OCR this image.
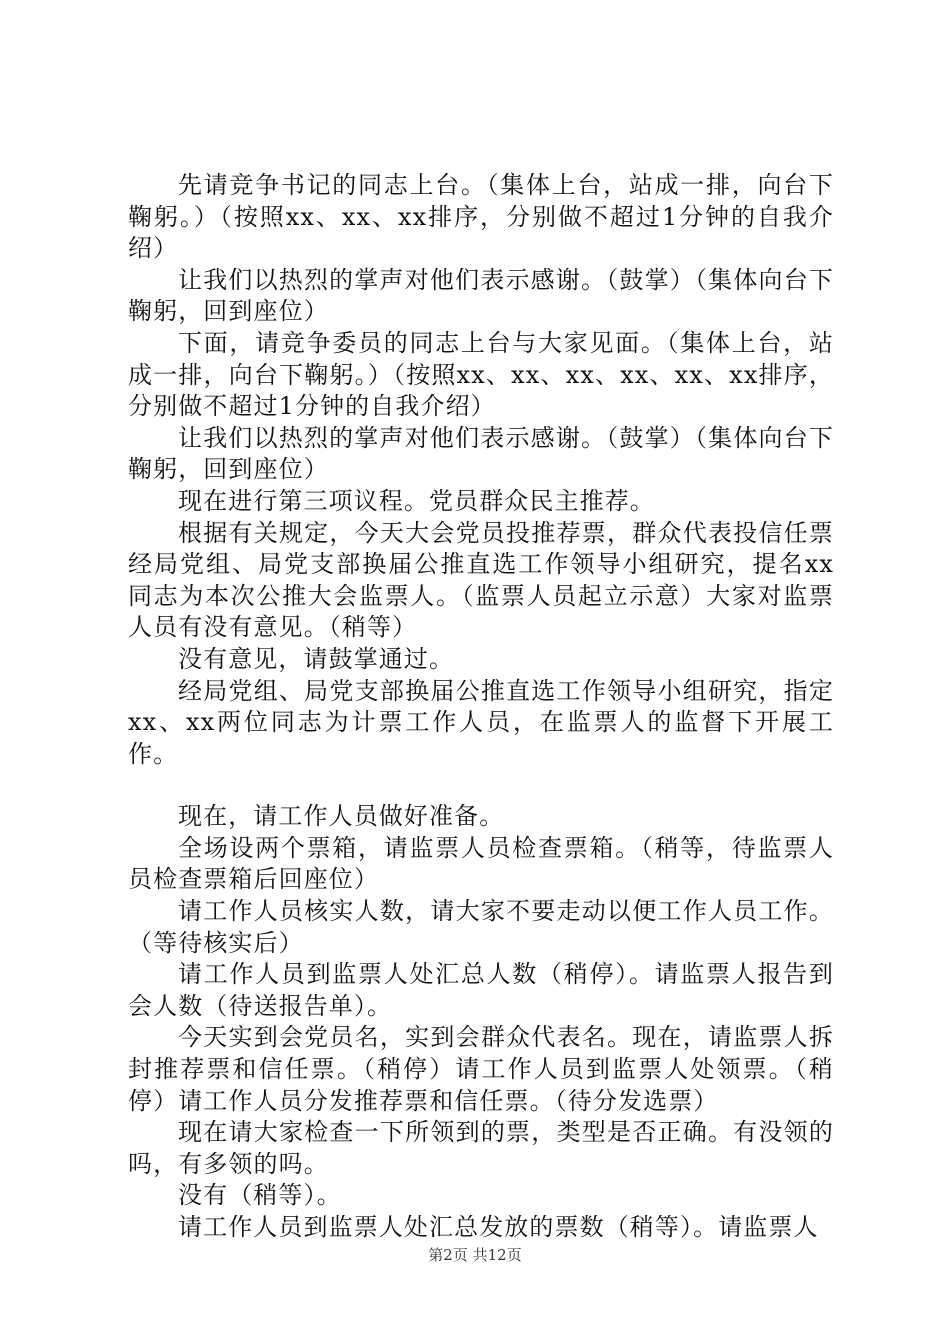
先请竞争书记的同志上台。（集体上台，站成一排，向台下鞠躬。）（按照xx、xx、xx排序，分别做不超过1分钟的自我介绍）

让我们以热烈的掌声对他们表示感谢。（鼓掌）（集体向台下鞠躬，回到座位）

下面，请竞争委员的同志上台与大家见面。（集体上台，站成一排，向台下鞠躬。）（按照xx、xx、xx、xx、xx、xx排序，分别做不超过1分钟的自我介绍）

让我们以热烈的掌声对他们表示感谢。（鼓掌）（集体向台下鞠躬，回到座位）

现在进行第三项议程。党员群众民主推荐。

根据有关规定，今天大会党员投推荐票，群众代表投信任票经局党组、局党支部换届公推直选工作领导小组研究，提名xx同志为本次公推大会监票人。（监票人员起立示意）大家对监票人员有没有意见。（稍等）

没有意见，请鼓掌通过。

经局党组、局党支部换届公推直选工作领导小组研究，指定xx、xx两位同志为计票工作人员，在监票人的监督下开展工作。

现在，请工作人员做好准备。

全场设两个票箱，请监票人员检查票箱。（稍等，待监票人员检查票箱后回座位）

请工作人员核实人数，请大家不要走动以便工作人员工作。（等待核实后）

请工作人员到监票人处汇总人数（稍停）。请监票人报告到会人数（待送报告单）。

今天实到会党员名，实到会群众代表名。现在，请监票人拆封推荐票和信任票。（稍停）请工作人员到监票人处领票。（稍停）请工作人员分发推荐票和信任票。（待分发选票）

现在请大家检查一下所领到的票，类型是否正确。有没领的吗，有多领的吗。

没有（稍等）。

请工作人员到监票人处汇总发放的票数（稍等）。请监票人

第2页 共12页
